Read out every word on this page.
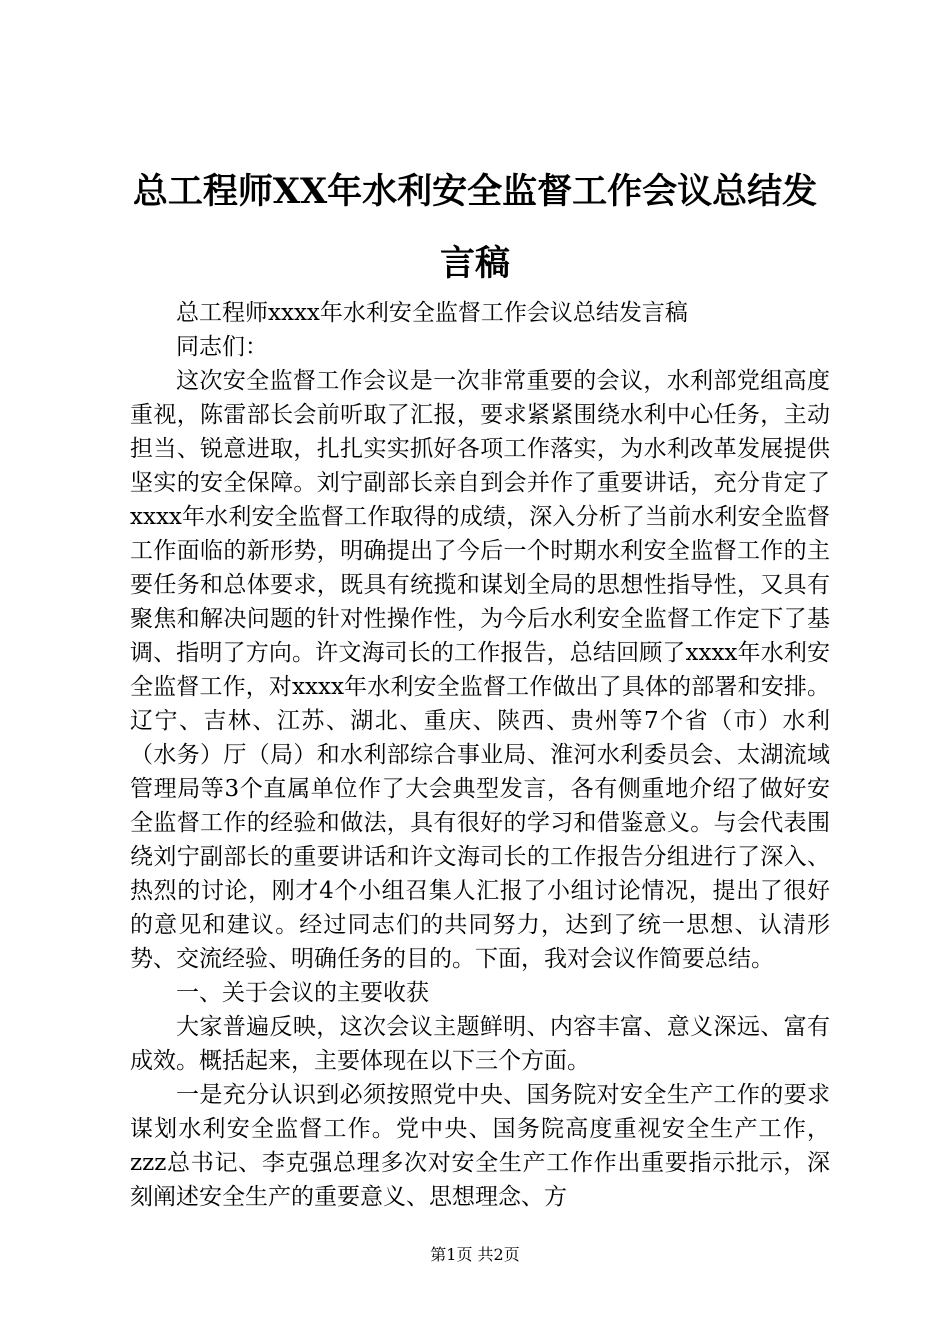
总工程师XX年水利安全监督工作会议总结发言稿

总工程师xxxx年水利安全监督工作会议总结发言稿

同志们：

这次安全监督工作会议是一次非常重要的会议，水利部党组高度重视，陈雷部长会前听取了汇报，要求紧紧围绕水利中心任务，主动担当、锐意进取，扎扎实实抓好各项工作落实，为水利改革发展提供坚实的安全保障。刘宁副部长亲自到会并作了重要讲话，充分肯定了xxxx年水利安全监督工作取得的成绩，深入分析了当前水利安全监督工作面临的新形势，明确提出了今后一个时期水利安全监督工作的主要任务和总体要求，既具有统揽和谋划全局的思想性指导性，又具有聚焦和解决问题的针对性操作性，为今后水利安全监督工作定下了基调、指明了方向。许文海司长的工作报告，总结回顾了xxxx年水利安全监督工作，对xxxx年水利安全监督工作做出了具体的部署和安排。辽宁、吉林、江苏、湖北、重庆、陕西、贵州等7个省（市）水利（水务）厅（局）和水利部综合事业局、淮河水利委员会、太湖流域管理局等3个直属单位作了大会典型发言，各有侧重地介绍了做好安全监督工作的经验和做法，具有很好的学习和借鉴意义。与会代表围绕刘宁副部长的重要讲话和许文海司长的工作报告分组进行了深入、热烈的讨论，刚才4个小组召集人汇报了小组讨论情况，提出了很好的意见和建议。经过同志们的共同努力，达到了统一思想、认清形势、交流经验、明确任务的目的。下面，我对会议作简要总结。

一、关于会议的主要收获

大家普遍反映，这次会议主题鲜明、内容丰富、意义深远、富有成效。概括起来，主要体现在以下三个方面。

一是充分认识到必须按照党中央、国务院对安全生产工作的要求谋划水利安全监督工作。党中央、国务院高度重视安全生产工作，zzz总书记、李克强总理多次对安全生产工作作出重要指示批示，深刻阐述安全生产的重要意义、思想理念、方

第1页 共2页
